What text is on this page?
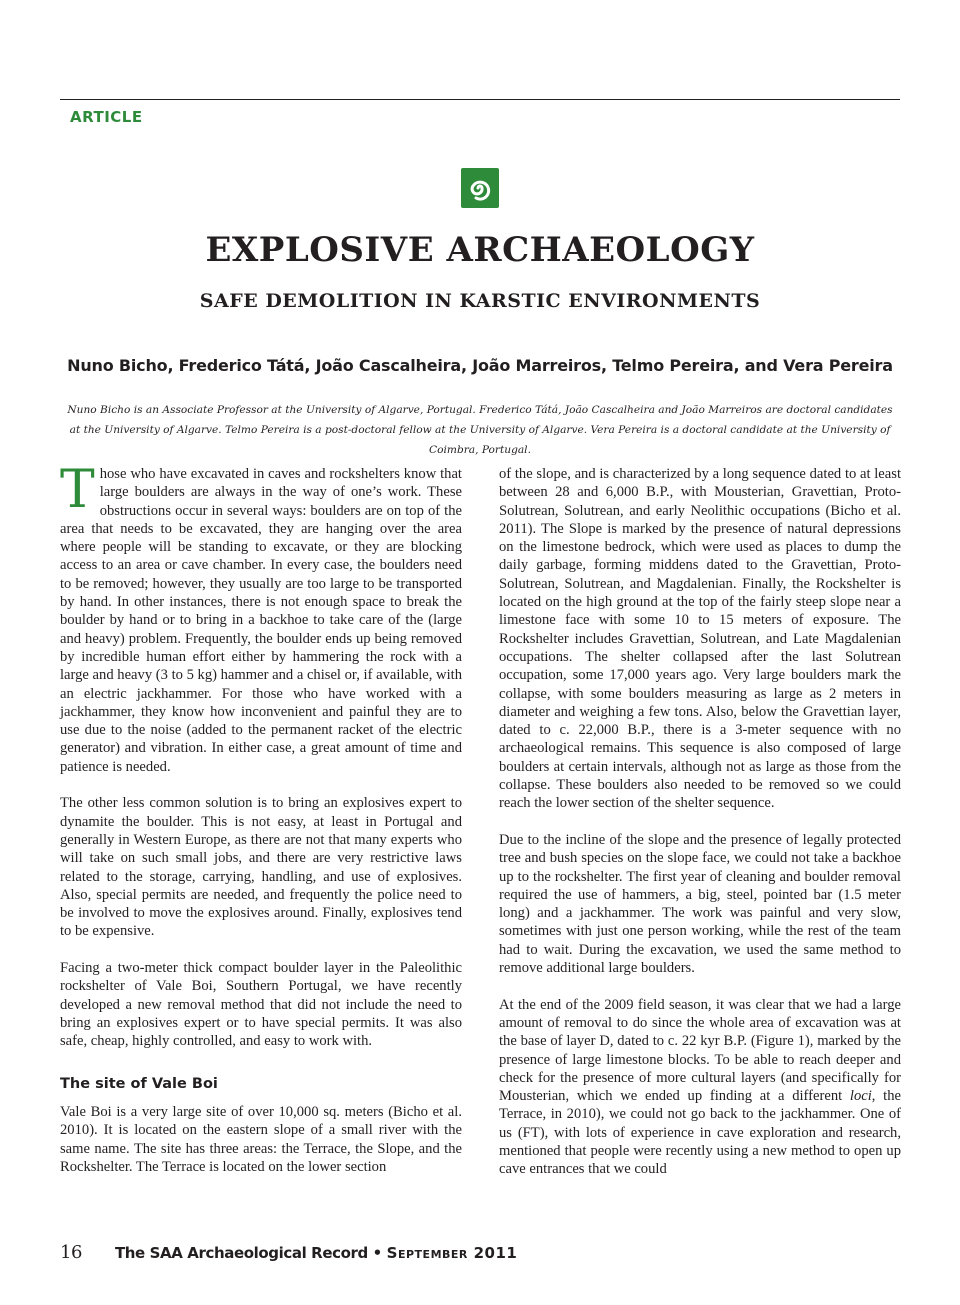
ARTICLE
EXPLOSIVE ARCHAEOLOGY
SAFE DEMOLITION IN KARSTIC ENVIRONMENTS

Nuno Bicho, Frederico Tátá, João Cascalheira, João Marreiros, Telmo Pereira, and Vera Pereira

Nuno Bicho is an Associate Professor at the University of Algarve, Portugal. Frederico Tátá, João Cascalheira and João Marreiros are doctoral candidates at the University of Algarve. Telmo Pereira is a post-doctoral fellow at the University of Algarve. Vera Pereira is a doctoral candidate at the University of Coimbra, Portugal.

Those who have excavated in caves and rockshelters know that large boulders are always in the way of one’s work. These obstructions occur in several ways: boulders are on top of the area that needs to be excavated, they are hanging over the area where people will be standing to excavate, or they are blocking access to an area or cave chamber. In every case, the boulders need to be removed; however, they usually are too large to be transported by hand. In other instances, there is not enough space to break the boulder by hand or to bring in a backhoe to take care of the (large and heavy) problem. Frequently, the boulder ends up being removed by incredible human effort either by hammering the rock with a large and heavy (3 to 5 kg) hammer and a chisel or, if available, with an electric jackhammer. For those who have worked with a jackhammer, they know how inconvenient and painful they are to use due to the noise (added to the permanent racket of the electric generator) and vibration. In either case, a great amount of time and patience is needed.

The other less common solution is to bring an explosives expert to dynamite the boulder. This is not easy, at least in Portugal and generally in Western Europe, as there are not that many experts who will take on such small jobs, and there are very restrictive laws related to the storage, carrying, handling, and use of explosives. Also, special permits are needed, and frequently the police need to be involved to move the explosives around. Finally, explosives tend to be expensive.

Facing a two-meter thick compact boulder layer in the Paleolithic rockshelter of Vale Boi, Southern Portugal, we have recently developed a new removal method that did not include the need to bring an explosives expert or to have special permits. It was also safe, cheap, highly controlled, and easy to work with.

The site of Vale Boi

Vale Boi is a very large site of over 10,000 sq. meters (Bicho et al. 2010). It is located on the eastern slope of a small river with the same name. The site has three areas: the Terrace, the Slope, and the Rockshelter. The Terrace is located on the lower section

of the slope, and is characterized by a long sequence dated to at least between 28 and 6,000 B.P., with Mousterian, Gravettian, Proto-Solutrean, Solutrean, and early Neolithic occupations (Bicho et al. 2011). The Slope is marked by the presence of natural depressions on the limestone bedrock, which were used as places to dump the daily garbage, forming middens dated to the Gravettian, Proto-Solutrean, Solutrean, and Magdalenian. Finally, the Rockshelter is located on the high ground at the top of the fairly steep slope near a limestone face with some 10 to 15 meters of exposure. The Rockshelter includes Gravettian, Solutrean, and Late Magdalenian occupations. The shelter collapsed after the last Solutrean occupation, some 17,000 years ago. Very large boulders mark the collapse, with some boulders measuring as large as 2 meters in diameter and weighing a few tons. Also, below the Gravettian layer, dated to c. 22,000 B.P., there is a 3-meter sequence with no archaeological remains. This sequence is also composed of large boulders at certain intervals, although not as large as those from the collapse. These boulders also needed to be removed so we could reach the lower section of the shelter sequence.

Due to the incline of the slope and the presence of legally protected tree and bush species on the slope face, we could not take a backhoe up to the rockshelter. The first year of cleaning and boulder removal required the use of hammers, a big, steel, pointed bar (1.5 meter long) and a jackhammer. The work was painful and very slow, sometimes with just one person working, while the rest of the team had to wait. During the excavation, we used the same method to remove additional large boulders.

At the end of the 2009 field season, it was clear that we had a large amount of removal to do since the whole area of excavation was at the base of layer D, dated to c. 22 kyr B.P. (Figure 1), marked by the presence of large limestone blocks. To be able to reach deeper and check for the presence of more cultural layers (and specifically for Mousterian, which we ended up finding at a different loci, the Terrace, in 2010), we could not go back to the jackhammer. One of us (FT), with lots of experience in cave exploration and research, mentioned that people were recently using a new method to open up cave entrances that we could

16 The SAA Archaeological Record • September 2011
